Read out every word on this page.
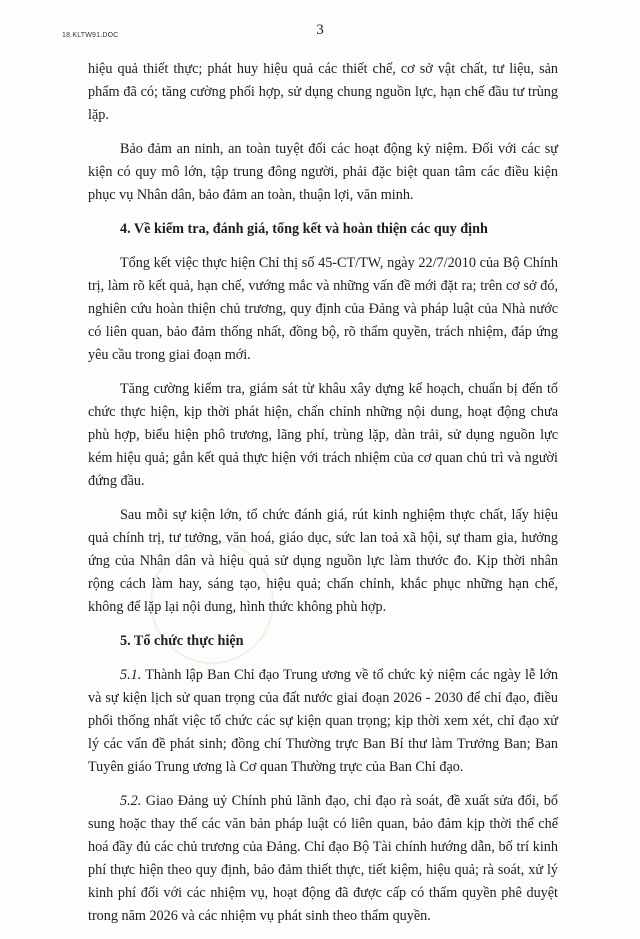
18.KLTW91.DOC	3

hiệu quả thiết thực; phát huy hiệu quả các thiết chế, cơ sở vật chất, tư liệu, sản phẩm đã có; tăng cường phối hợp, sử dụng chung nguồn lực, hạn chế đầu tư trùng lặp.

Bảo đảm an ninh, an toàn tuyệt đối các hoạt động kỷ niệm. Đối với các sự kiện có quy mô lớn, tập trung đông người, phải đặc biệt quan tâm các điều kiện phục vụ Nhân dân, bảo đảm an toàn, thuận lợi, văn minh.

4. Về kiểm tra, đánh giá, tổng kết và hoàn thiện các quy định

Tổng kết việc thực hiện Chỉ thị số 45-CT/TW, ngày 22/7/2010 của Bộ Chính trị, làm rõ kết quả, hạn chế, vướng mắc và những vấn đề mới đặt ra; trên cơ sở đó, nghiên cứu hoàn thiện chủ trương, quy định của Đảng và pháp luật của Nhà nước có liên quan, bảo đảm thống nhất, đồng bộ, rõ thẩm quyền, trách nhiệm, đáp ứng yêu cầu trong giai đoạn mới.

Tăng cường kiểm tra, giám sát từ khâu xây dựng kế hoạch, chuẩn bị đến tổ chức thực hiện, kịp thời phát hiện, chấn chỉnh những nội dung, hoạt động chưa phù hợp, biểu hiện phô trương, lãng phí, trùng lặp, dàn trải, sử dụng nguồn lực kém hiệu quả; gắn kết quả thực hiện với trách nhiệm của cơ quan chủ trì và người đứng đầu.

Sau mỗi sự kiện lớn, tổ chức đánh giá, rút kinh nghiệm thực chất, lấy hiệu quả chính trị, tư tưởng, văn hoá, giáo dục, sức lan toả xã hội, sự tham gia, hưởng ứng của Nhân dân và hiệu quả sử dụng nguồn lực làm thước đo. Kịp thời nhân rộng cách làm hay, sáng tạo, hiệu quả; chấn chỉnh, khắc phục những hạn chế, không để lặp lại nội dung, hình thức không phù hợp.

5. Tổ chức thực hiện

5.1. Thành lập Ban Chỉ đạo Trung ương về tổ chức kỷ niệm các ngày lễ lớn và sự kiện lịch sử quan trọng của đất nước giai đoạn 2026 - 2030 để chỉ đạo, điều phối thống nhất việc tổ chức các sự kiện quan trọng; kịp thời xem xét, chỉ đạo xử lý các vấn đề phát sinh; đồng chí Thường trực Ban Bí thư làm Trưởng Ban; Ban Tuyên giáo Trung ương là Cơ quan Thường trực của Ban Chỉ đạo.

5.2. Giao Đảng uỷ Chính phủ lãnh đạo, chỉ đạo rà soát, đề xuất sửa đổi, bổ sung hoặc thay thế các văn bản pháp luật có liên quan, bảo đảm kịp thời thể chế hoá đầy đủ các chủ trương của Đảng. Chỉ đạo Bộ Tài chính hướng dẫn, bố trí kinh phí thực hiện theo quy định, bảo đảm thiết thực, tiết kiệm, hiệu quả; rà soát, xử lý kinh phí đối với các nhiệm vụ, hoạt động đã được cấp có thẩm quyền phê duyệt trong năm 2026 và các nhiệm vụ phát sinh theo thẩm quyền.
